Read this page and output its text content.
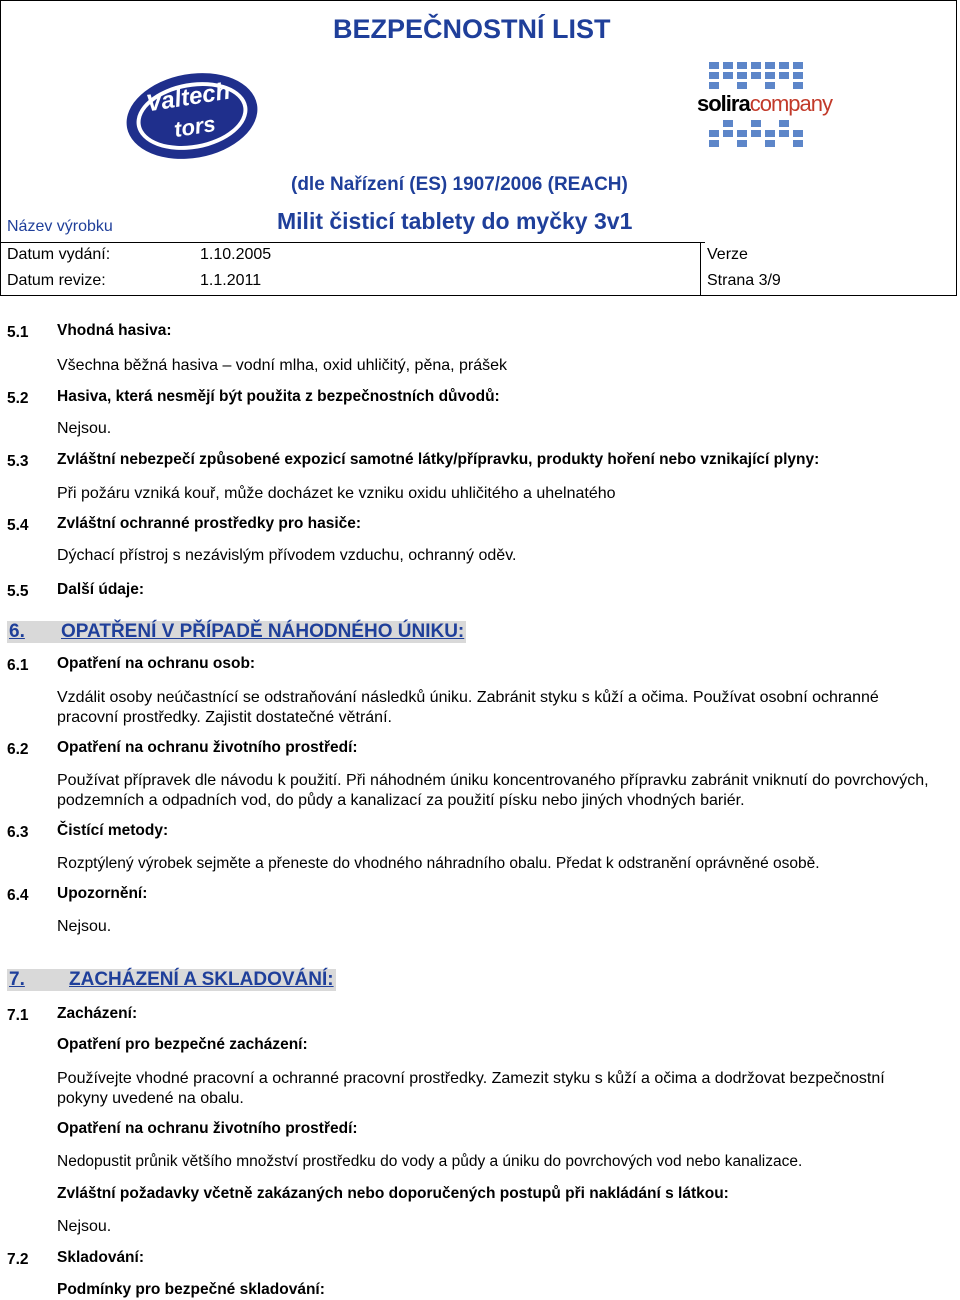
BEZPEČNOSTNÍ LIST
Valtech
tors
soliracompany
(dle Nařízení (ES) 1907/2006 (REACH)
Název výrobku	Milit čisticí tablety do myčky 3v1
Datum vydání:	1.10.2005
Datum revize:	1.1.2011
Verze
Strana 3/9
5.1 Vhodná hasiva:
Všechna běžná hasiva – vodní mlha, oxid uhličitý, pěna, prášek
5.2 Hasiva, která nesmějí být použita z bezpečnostních důvodů:
Nejsou.
5.3 Zvláštní nebezpečí způsobené expozicí samotné látky/přípravku, produkty hoření nebo vznikající plyny:
Při požáru vzniká kouř, může docházet ke vzniku oxidu uhličitého a uhelnatého
5.4 Zvláštní ochranné prostředky pro hasiče:
Dýchací přístroj s nezávislým přívodem vzduchu, ochranný oděv.
5.5 Další údaje:
6. OPATŘENÍ V PŘÍPADĚ NÁHODNÉHO ÚNIKU:
6.1 Opatření na ochranu osob:
Vzdálit osoby neúčastnící se odstraňování následků úniku. Zabránit styku s kůží a očima. Používat osobní ochranné pracovní prostředky. Zajistit dostatečné větrání.
6.2 Opatření na ochranu životního prostředí:
Používat přípravek dle návodu k použití. Při náhodném úniku koncentrovaného přípravku zabránit vniknutí do povrchových, podzemních a odpadních vod, do půdy a kanalizací za použití písku nebo jiných vhodných bariér.
6.3 Čistící metody:
Rozptýlený výrobek sejměte a přeneste do vhodného náhradního obalu. Předat k odstranění oprávněné osobě.
6.4 Upozornění:
Nejsou.
7. ZACHÁZENÍ A SKLADOVÁNÍ:
7.1 Zacházení:
Opatření pro bezpečné zacházení:
Používejte vhodné pracovní a ochranné pracovní prostředky. Zamezit styku s kůží a očima a dodržovat bezpečnostní pokyny uvedené na obalu.
Opatření na ochranu životního prostředí:
Nedopustit průnik většího množství prostředku do vody a půdy a úniku do povrchových vod nebo kanalizace.
Zvláštní požadavky včetně zakázaných nebo doporučených postupů při nakládání s látkou:
Nejsou.
7.2 Skladování:
Podmínky pro bezpečné skladování:
